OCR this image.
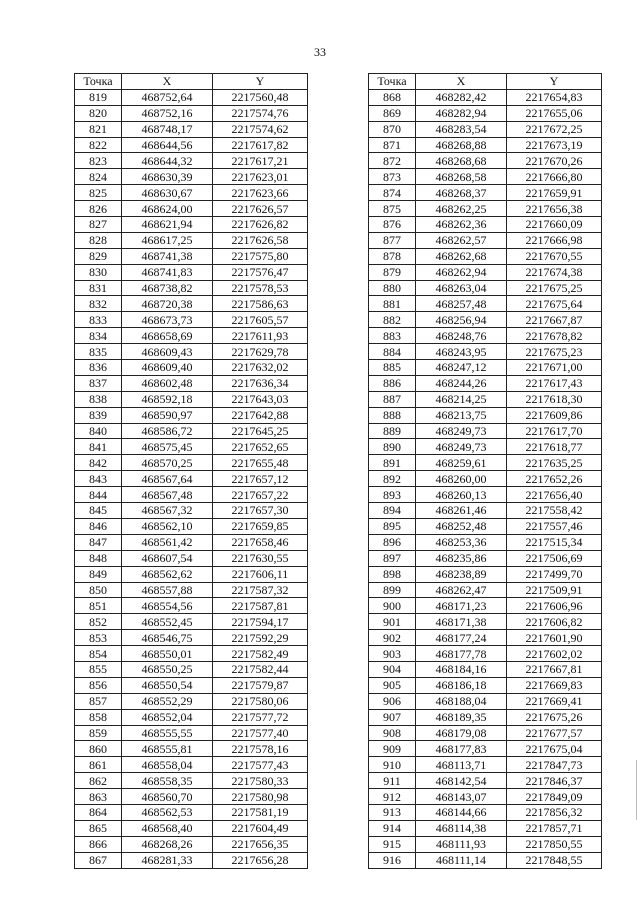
33
Точка	X	Y
819	468752,64	2217560,48
820	468752,16	2217574,76
821	468748,17	2217574,62
822	468644,56	2217617,82
823	468644,32	2217617,21
824	468630,39	2217623,01
825	468630,67	2217623,66
826	468624,00	2217626,57
827	468621,94	2217626,82
828	468617,25	2217626,58
829	468741,38	2217575,80
830	468741,83	2217576,47
831	468738,82	2217578,53
832	468720,38	2217586,63
833	468673,73	2217605,57
834	468658,69	2217611,93
835	468609,43	2217629,78
836	468609,40	2217632,02
837	468602,48	2217636,34
838	468592,18	2217643,03
839	468590,97	2217642,88
840	468586,72	2217645,25
841	468575,45	2217652,65
842	468570,25	2217655,48
843	468567,64	2217657,12
844	468567,48	2217657,22
845	468567,32	2217657,30
846	468562,10	2217659,85
847	468561,42	2217658,46
848	468607,54	2217630,55
849	468562,62	2217606,11
850	468557,88	2217587,32
851	468554,56	2217587,81
852	468552,45	2217594,17
853	468546,75	2217592,29
854	468550,01	2217582,49
855	468550,25	2217582,44
856	468550,54	2217579,87
857	468552,29	2217580,06
858	468552,04	2217577,72
859	468555,55	2217577,40
860	468555,81	2217578,16
861	468558,04	2217577,43
862	468558,35	2217580,33
863	468560,70	2217580,98
864	468562,53	2217581,19
865	468568,40	2217604,49
866	468268,26	2217656,35
867	468281,33	2217656,28
Точка	X	Y
868	468282,42	2217654,83
869	468282,94	2217655,06
870	468283,54	2217672,25
871	468268,88	2217673,19
872	468268,68	2217670,26
873	468268,58	2217666,80
874	468268,37	2217659,91
875	468262,25	2217656,38
876	468262,36	2217660,09
877	468262,57	2217666,98
878	468262,68	2217670,55
879	468262,94	2217674,38
880	468263,04	2217675,25
881	468257,48	2217675,64
882	468256,94	2217667,87
883	468248,76	2217678,82
884	468243,95	2217675,23
885	468247,12	2217671,00
886	468244,26	2217617,43
887	468214,25	2217618,30
888	468213,75	2217609,86
889	468249,73	2217617,70
890	468249,73	2217618,77
891	468259,61	2217635,25
892	468260,00	2217652,26
893	468260,13	2217656,40
894	468261,46	2217558,42
895	468252,48	2217557,46
896	468253,36	2217515,34
897	468235,86	2217506,69
898	468238,89	2217499,70
899	468262,47	2217509,91
900	468171,23	2217606,96
901	468171,38	2217606,82
902	468177,24	2217601,90
903	468177,78	2217602,02
904	468184,16	2217667,81
905	468186,18	2217669,83
906	468188,04	2217669,41
907	468189,35	2217675,26
908	468179,08	2217677,57
909	468177,83	2217675,04
910	468113,71	2217847,73
911	468142,54	2217846,37
912	468143,07	2217849,09
913	468144,66	2217856,32
914	468114,38	2217857,71
915	468111,93	2217850,55
916	468111,14	2217848,55
